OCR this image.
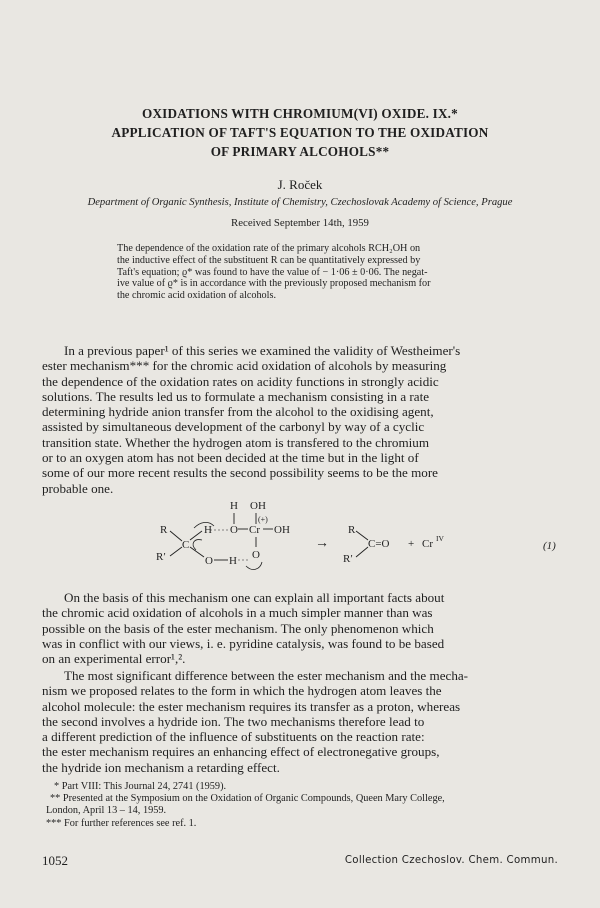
OXIDATIONS WITH CHROMIUM(VI) OXIDE. IX.*
APPLICATION OF TAFT'S EQUATION TO THE OXIDATION
OF PRIMARY ALCOHOLS**
J. Roček
Department of Organic Synthesis, Institute of Chemistry, Czechoslovak Academy of Science, Prague
Received September 14th, 1959
The dependence of the oxidation rate of the primary alcohols RCH₂OH on
the inductive effect of the substituent R can be quantitatively expressed by
Taft's equation; ϱ* was found to have the value of − 1·06 ± 0·06. The negat-
ive value of ϱ* is in accordance with the previously proposed mechanism for
the chromic acid oxidation of alcohols.
In a previous paper¹ of this series we examined the validity of Westheimer's
ester mechanism*** for the chromic acid oxidation of alcohols by measuring
the dependence of the oxidation rates on acidity functions in strongly acidic
solutions. The results led us to formulate a mechanism consisting in a rate
determining hydride anion transfer from the alcohol to the oxidising agent,
assisted by simultaneous development of the carbonyl by way of a cyclic
transition state. Whether the hydrogen atom is transfered to the chromium
or to an oxygen atom has not been decided at the time but in the light of
some of our more recent results the second possibility seems to be the more
probable one.
H OH
(+)
R	H O Cr OH
C
R′	O H O
→
R
C=O
R′
+ Cr IV
(1)
On the basis of this mechanism one can explain all important facts about
the chromic acid oxidation of alcohols in a much simpler manner than was
possible on the basis of the ester mechanism. The only phenomenon which
was in conflict with our views, i. e. pyridine catalysis, was found to be based
on an experimental error¹,².
The most significant difference between the ester mechanism and the mecha-
nism we proposed relates to the form in which the hydrogen atom leaves the
alcohol molecule: the ester mechanism requires its transfer as a proton, whereas
the second involves a hydride ion. The two mechanisms therefore lead to
a different prediction of the influence of substituents on the reaction rate:
the ester mechanism requires an enhancing effect of electronegative groups,
the hydride ion mechanism a retarding effect.
* Part VIII: This Journal 24, 2741 (1959).
** Presented at the Symposium on the Oxidation of Organic Compounds, Queen Mary College,
London, April 13 – 14, 1959.
*** For further references see ref. 1.
1052	Collection Czechoslov. Chem. Commun.
